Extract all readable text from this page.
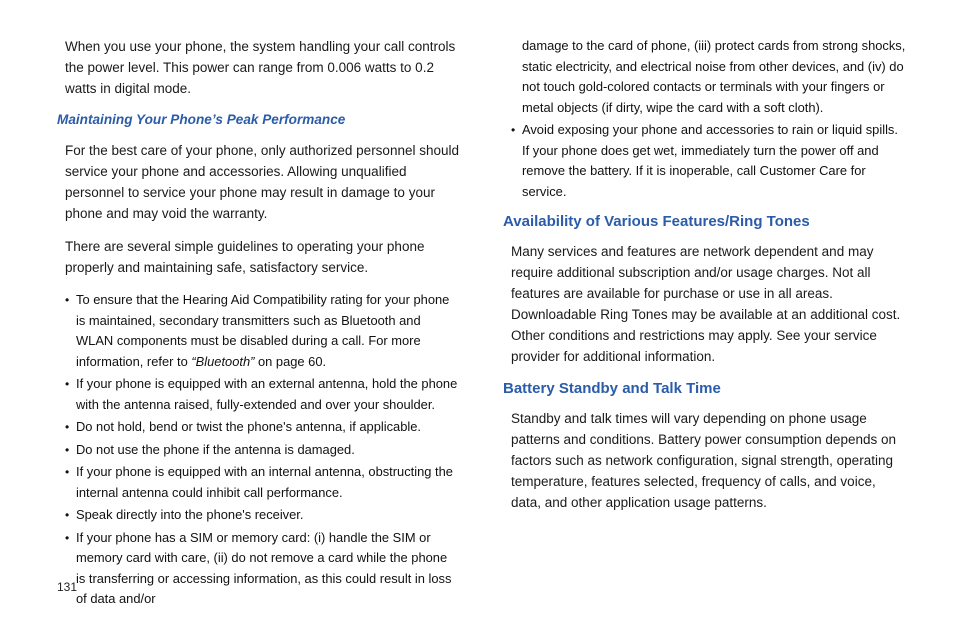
When you use your phone, the system handling your call controls the power level. This power can range from 0.006 watts to 0.2 watts in digital mode.

Maintaining Your Phone’s Peak Performance

For the best care of your phone, only authorized personnel should service your phone and accessories. Allowing unqualified personnel to service your phone may result in damage to your phone and may void the warranty.

There are several simple guidelines to operating your phone properly and maintaining safe, satisfactory service.

• To ensure that the Hearing Aid Compatibility rating for your phone is maintained, secondary transmitters such as Bluetooth and WLAN components must be disabled during a call. For more information, refer to “Bluetooth” on page 60.
• If your phone is equipped with an external antenna, hold the phone with the antenna raised, fully-extended and over your shoulder.
• Do not hold, bend or twist the phone's antenna, if applicable.
• Do not use the phone if the antenna is damaged.
• If your phone is equipped with an internal antenna, obstructing the internal antenna could inhibit call performance.
• Speak directly into the phone's receiver.
• If your phone has a SIM or memory card: (i) handle the SIM or memory card with care, (ii) do not remove a card while the phone is transferring or accessing information, as this could result in loss of data and/or

damage to the card of phone, (iii) protect cards from strong shocks, static electricity, and electrical noise from other devices, and (iv) do not touch gold-colored contacts or terminals with your fingers or metal objects (if dirty, wipe the card with a soft cloth).

• Avoid exposing your phone and accessories to rain or liquid spills. If your phone does get wet, immediately turn the power off and remove the battery. If it is inoperable, call Customer Care for service.
Availability of Various Features/Ring Tones

Many services and features are network dependent and may require additional subscription and/or usage charges. Not all features are available for purchase or use in all areas. Downloadable Ring Tones may be available at an additional cost. Other conditions and restrictions may apply. See your service provider for additional information.

Battery Standby and Talk Time

Standby and talk times will vary depending on phone usage patterns and conditions. Battery power consumption depends on factors such as network configuration, signal strength, operating temperature, features selected, frequency of calls, and voice, data, and other application usage patterns.

131
